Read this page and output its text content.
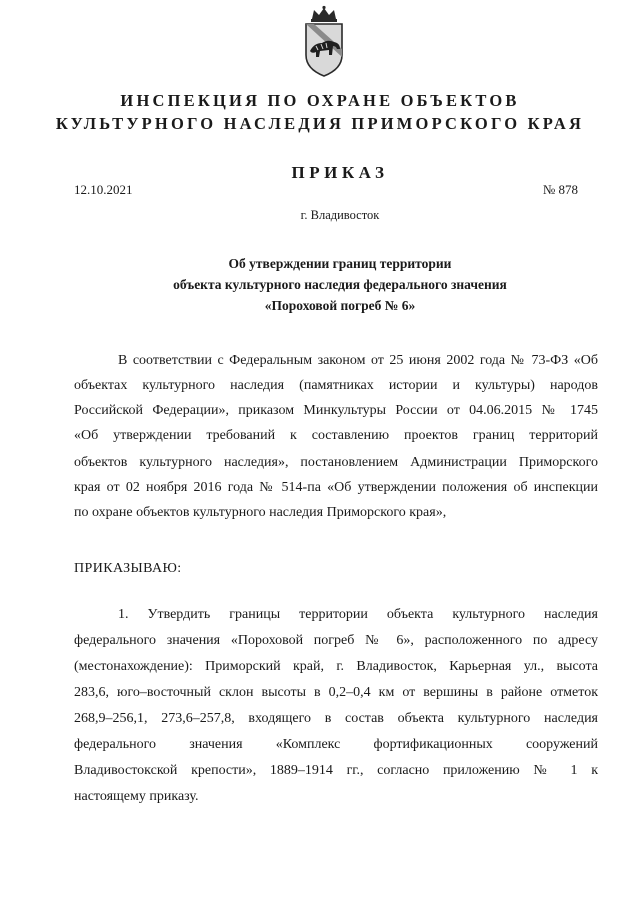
ИНСПЕКЦИЯ ПО ОХРАНЕ ОБЪЕКТОВ
КУЛЬТУРНОГО НАСЛЕДИЯ ПРИМОРСКОГО КРАЯ
ПРИКАЗ
12.10.2021	№ 878
г. Владивосток
Об утверждении границ территории
объекта культурного наследия федерального значения
«Пороховой погреб № 6»
В соответствии с Федеральным законом от 25 июня 2002 года № 73-ФЗ «Об
объектах культурного наследия (памятниках истории и культуры) народов
Российской Федерации», приказом Минкультуры России от 04.06.2015 № 1745
«Об утверждении требований к составлению проектов границ территорий
объектов культурного наследия», постановлением Администрации Приморского
края от 02 ноября 2016 года № 514-па «Об утверждении положения об инспекции
по охране объектов культурного наследия Приморского края»,
ПРИКАЗЫВАЮ:
1. Утвердить границы территории объекта культурного наследия
федерального значения «Пороховой погреб № 6», расположенного по адресу
(местонахождение): Приморский край, г. Владивосток, Карьерная ул., высота
283,6, юго–восточный склон высоты в 0,2–0,4 км от вершины в районе отметок
268,9–256,1, 273,6–257,8, входящего в состав объекта культурного наследия
федерального значения «Комплекс фортификационных сооружений
Владивостокской крепости», 1889–1914 гг., согласно приложению № 1 к
настоящему приказу.
